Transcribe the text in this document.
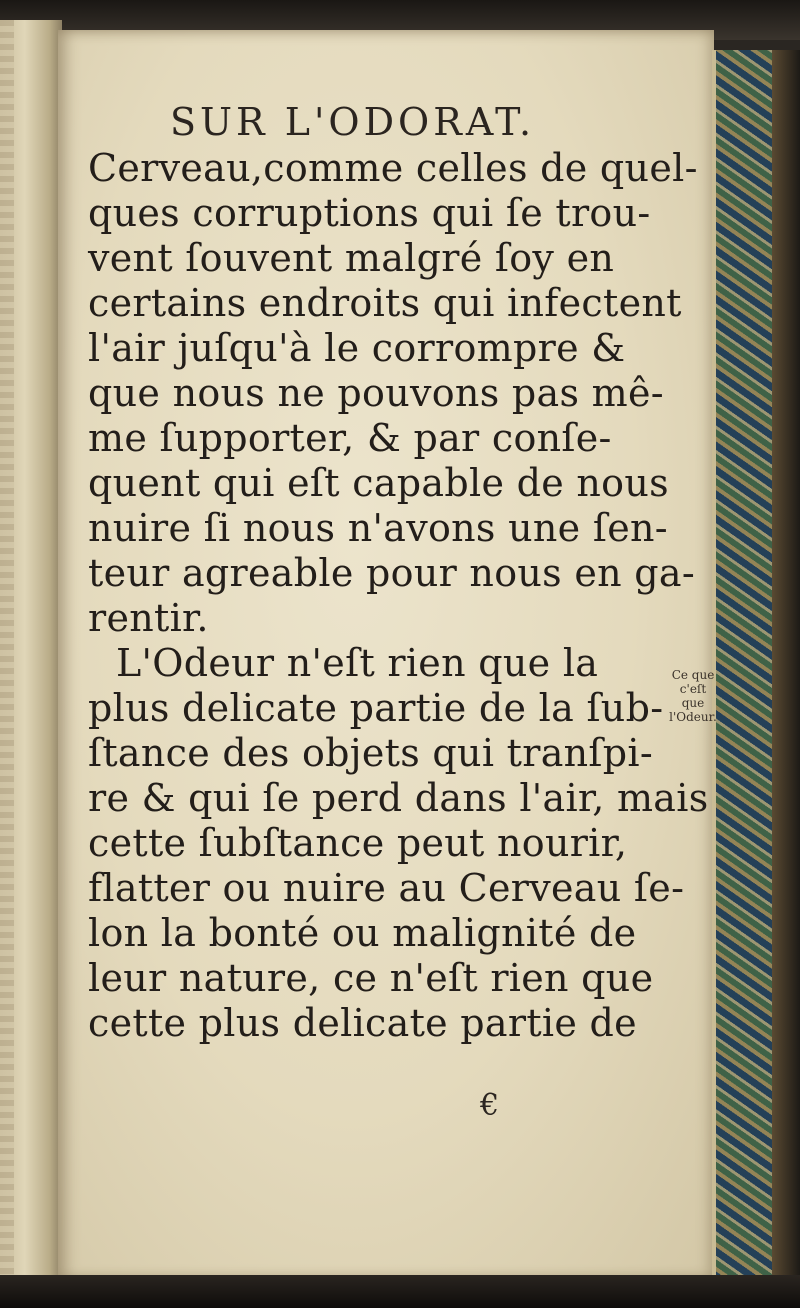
SUR L'ODORAT.
Cerveau,comme celles de quel-
ques corruptions qui ſe trou-
vent ſouvent malgré ſoy en
certains endroits qui infectent
l'air juſqu'à le corrompre &
que nous ne pouvons pas mê-
me ſupporter, & par conſe-
quent qui eſt capable de nous
nuire ſi nous n'avons une ſen-
teur agreable pour nous en ga-
rentir.
L'Odeur n'eſt rien que la
plus delicate partie de la ſub-
ſtance des objets qui tranſpi-
re & qui ſe perd dans l'air, mais
cette ſubſtance peut nourir,
flatter ou nuire au Cerveau ſe-
lon la bonté ou malignité de
leur nature, ce n'eſt rien que
cette plus delicate partie de
Ce que c'eſt que l'Odeur.
€
